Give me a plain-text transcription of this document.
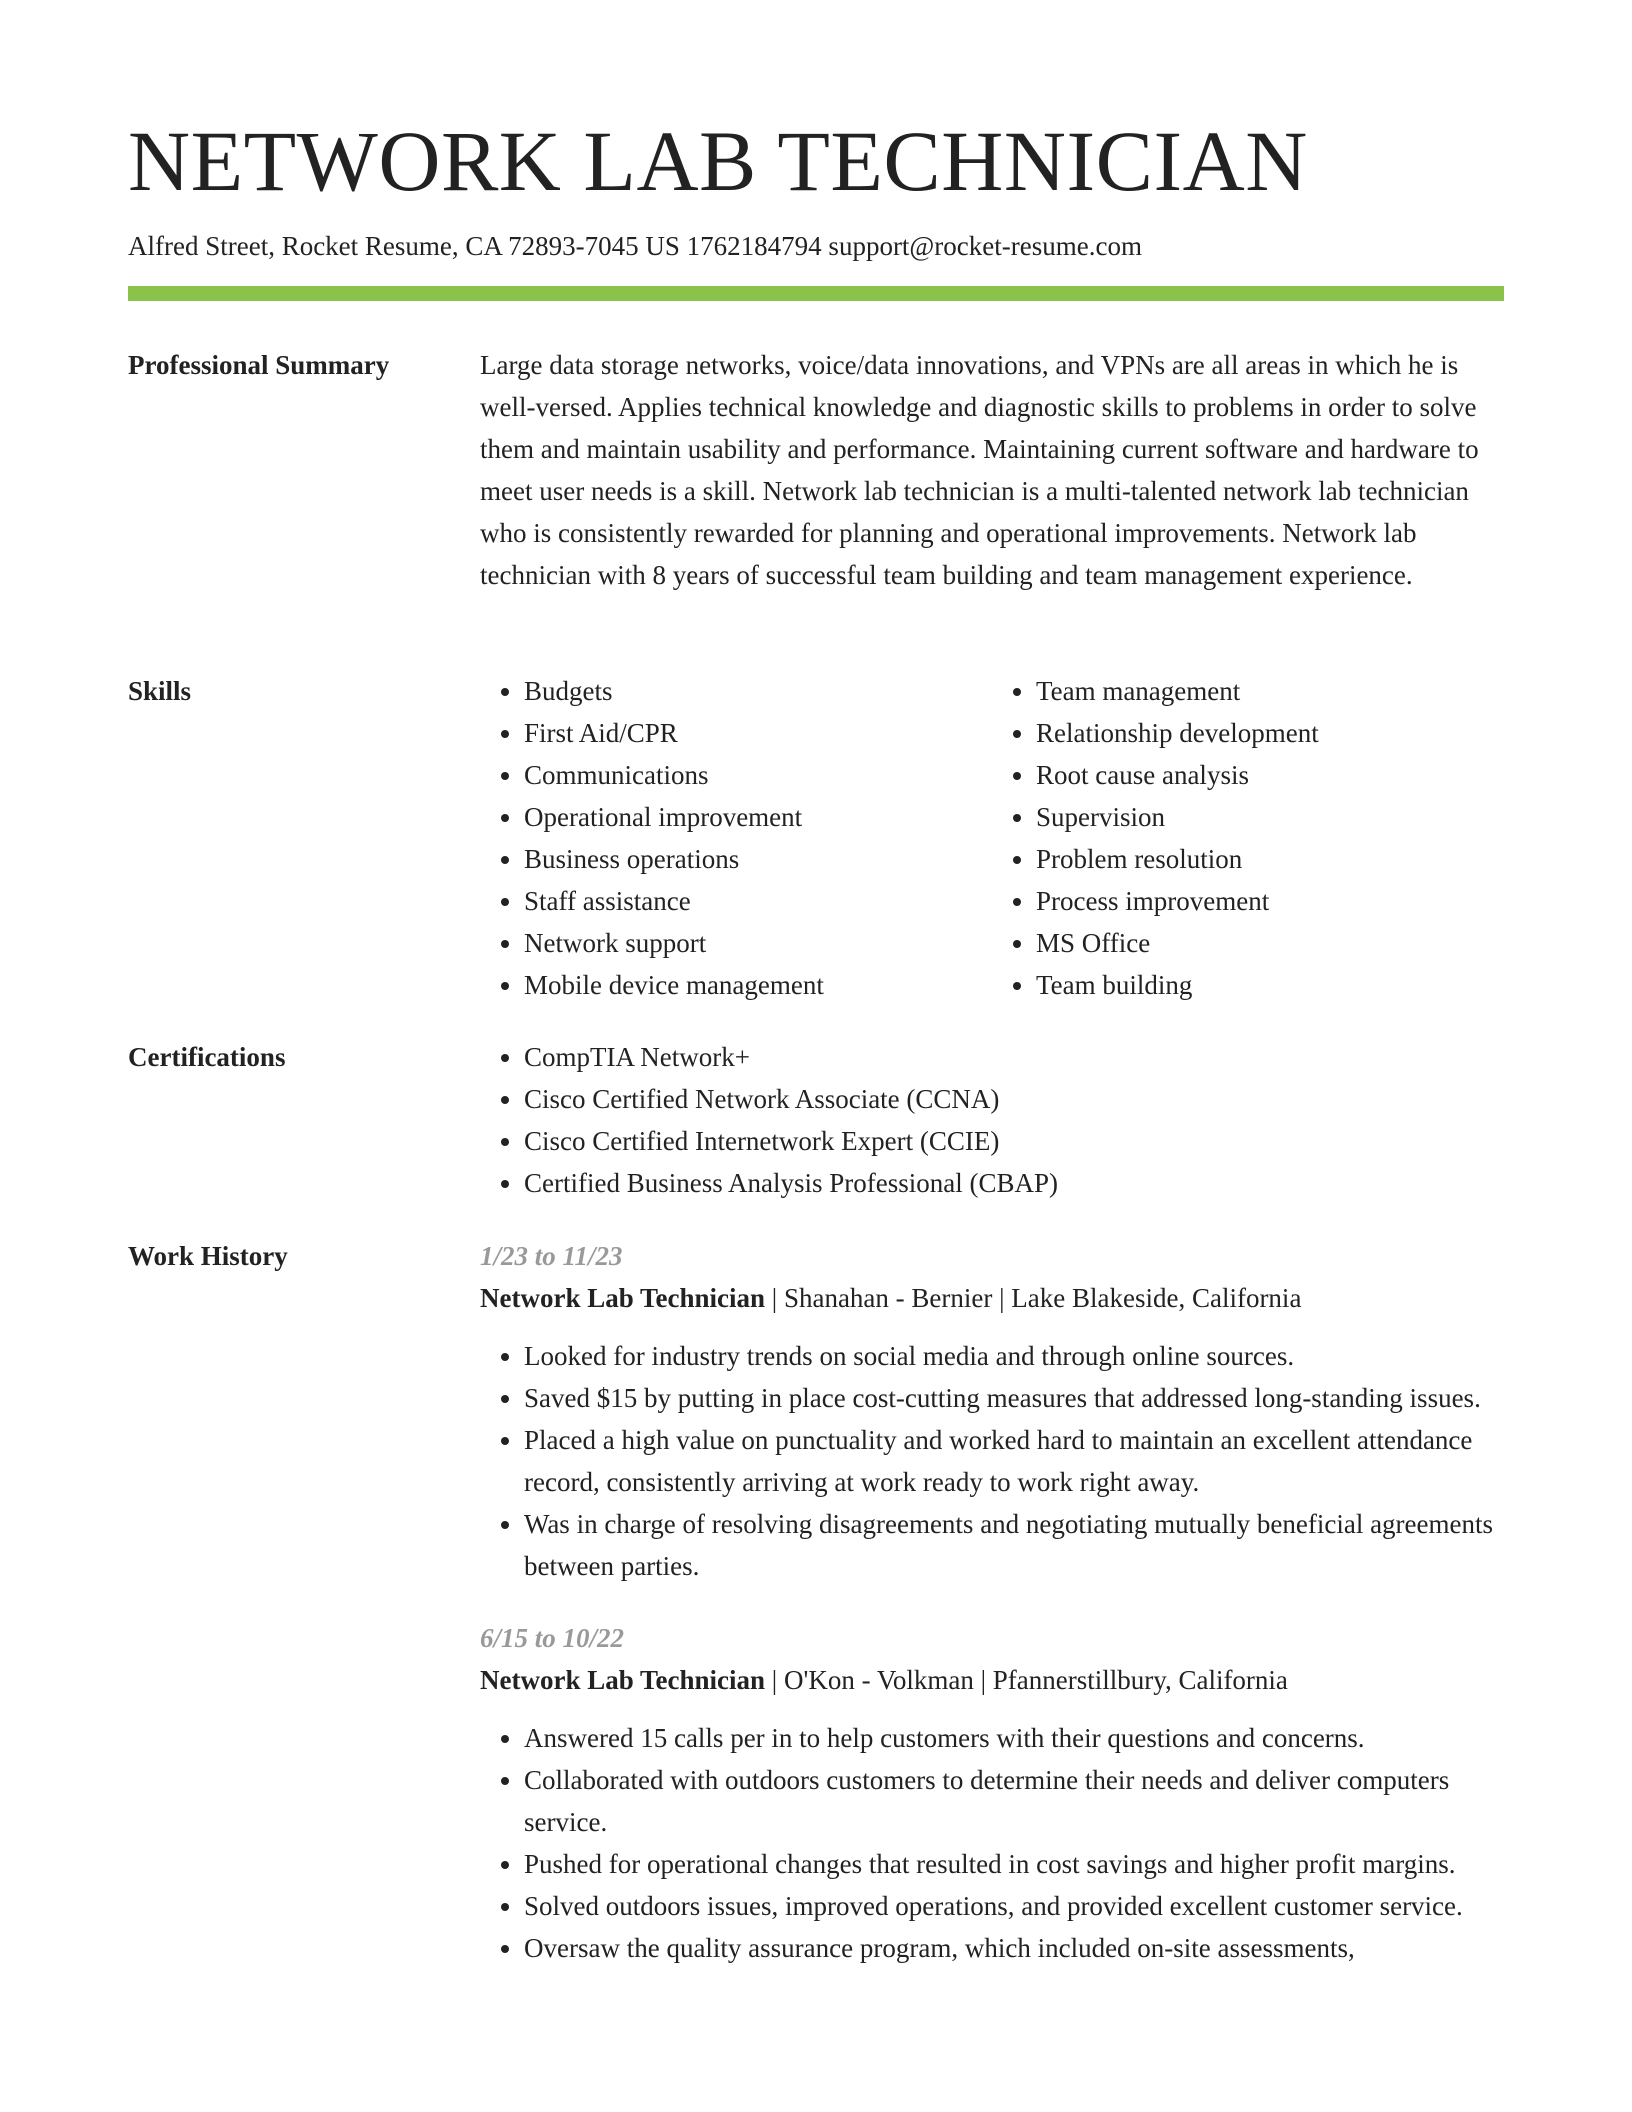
NETWORK LAB TECHNICIAN
Alfred Street, Rocket Resume, CA 72893-7045 US 1762184794 support@rocket-resume.com
Professional Summary	Large data storage networks, voice/data innovations, and VPNs are all areas in which he is well-versed. Applies technical knowledge and diagnostic skills to problems in order to solve them and maintain usability and performance. Maintaining current software and hardware to meet user needs is a skill. Network lab technician is a multi-talented network lab technician who is consistently rewarded for planning and operational improvements. Network lab technician with 8 years of successful team building and team management experience.

Skills	• Budgets
• First Aid/CPR
• Communications
• Operational improvement
• Business operations
• Staff assistance
• Network support
• Mobile device management
• Team management
• Relationship development
• Root cause analysis
• Supervision
• Problem resolution
• Process improvement
• MS Office
• Team building
Certifications	• CompTIA Network+
• Cisco Certified Network Associate (CCNA)
• Cisco Certified Internetwork Expert (CCIE)
• Certified Business Analysis Professional (CBAP)
Work History	1/23 to 11/23
Network Lab Technician | Shanahan - Bernier | Lake Blakeside, California
• Looked for industry trends on social media and through online sources.
• Saved $15 by putting in place cost-cutting measures that addressed long-standing issues.
• Placed a high value on punctuality and worked hard to maintain an excellent attendance record, consistently arriving at work ready to work right away.
• Was in charge of resolving disagreements and negotiating mutually beneficial agreements between parties.
6/15 to 10/22
Network Lab Technician | O'Kon - Volkman | Pfannerstillbury, California
• Answered 15 calls per in to help customers with their questions and concerns.
• Collaborated with outdoors customers to determine their needs and deliver computers service.
• Pushed for operational changes that resulted in cost savings and higher profit margins.
• Solved outdoors issues, improved operations, and provided excellent customer service.
• Oversaw the quality assurance program, which included on-site assessments,
